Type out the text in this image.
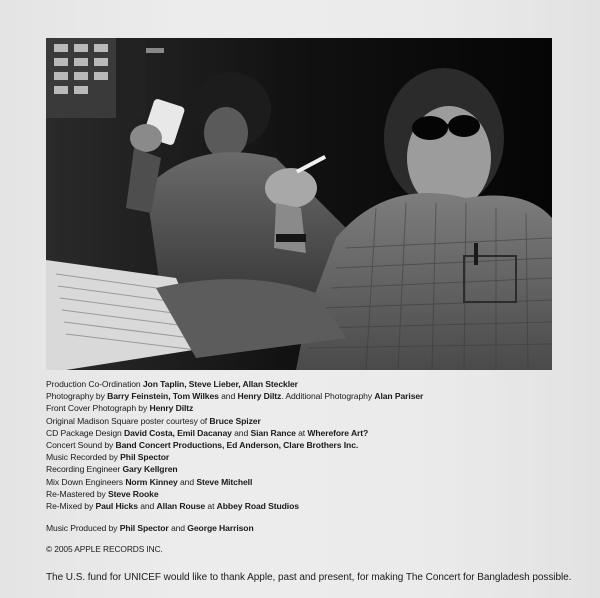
Production Co-Ordination Jon Taplin, Steve Lieber, Allan Steckler
Photography by Barry Feinstein, Tom Wilkes and Henry Diltz. Additional Photography Alan Pariser
Front Cover Photograph by Henry Diltz
Original Madison Square poster courtesy of Bruce Spizer
CD Package Design David Costa, Emil Dacanay and Sian Rance at Wherefore Art?
Concert Sound by Band Concert Productions, Ed Anderson, Clare Brothers Inc.
Music Recorded by Phil Spector
Recording Engineer Gary Kellgren
Mix Down Engineers Norm Kinney and Steve Mitchell
Re-Mastered by Steve Rooke
Re-Mixed by Paul Hicks and Allan Rouse at Abbey Road Studios
Music Produced by Phil Spector and George Harrison
© 2005 APPLE RECORDS INC.
The U.S. fund for UNICEF would like to thank Apple, past and present, for making The Concert for Bangladesh possible.
